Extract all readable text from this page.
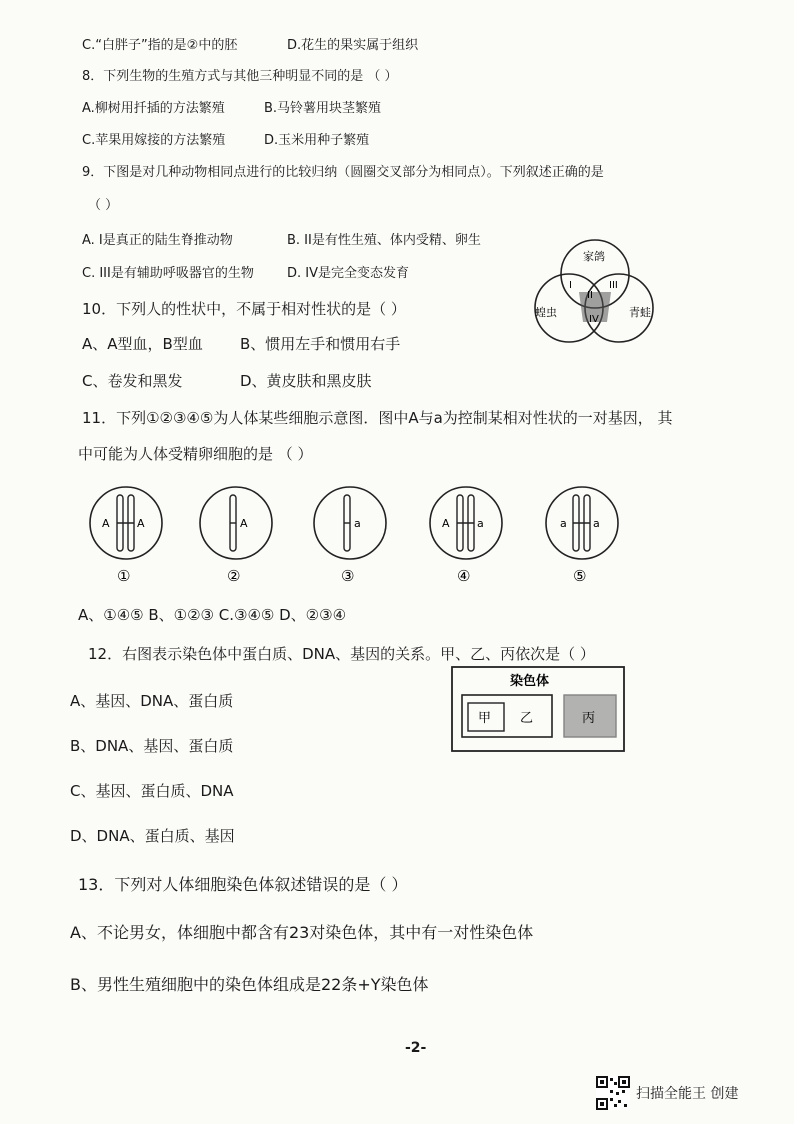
C.“白胖子”指的是②中的胚	D.花生的果实属于组织
8．下列生物的生殖方式与其他三种明显不同的是 （ ）
A.柳树用扦插的方法繁殖	B.马铃薯用块茎繁殖
C.苹果用嫁接的方法繁殖	D.玉米用种子繁殖
9．下图是对几种动物相同点进行的比较归纳（圆圈交叉部分为相同点）。下列叙述正确的是
（ ）
A. I是真正的陆生脊推动物	B. II是有性生殖、体内受精、卵生
C. III是有辅助呼吸器官的生物	D. IV是完全变态发育
家鸽
蝗虫	青蛙
I
II
III
IV
10．下列人的性状中，不属于相对性状的是（ ）
A、A型血，B型血 B、惯用左手和惯用右手
C、卷发和黑发	D、黄皮肤和黑皮肤
11．下列①②③④⑤为人体某些细胞示意图．图中A与a为控制某相对性状的一对基因， 其
中可能为人体受精卵细胞的是 （ ）
A A
①
A
②
a
③
A a
④
a a
⑤
A、①④⑤ B、①②③ C.③④⑤ D、②③④
12．右图表示染色体中蛋白质、DNA、基因的关系。甲、乙、丙依次是（ ）
染色体
甲 乙	丙
A、基因、DNA、蛋白质
B、DNA、基因、蛋白质
C、基因、蛋白质、DNA
D、DNA、蛋白质、基因
13．下列对人体细胞染色体叙述错误的是（ ）
A、不论男女，体细胞中都含有23对染色体，其中有一对性染色体
B、男性生殖细胞中的染色体组成是22条+Y染色体
-2-
扫描全能王 创建
